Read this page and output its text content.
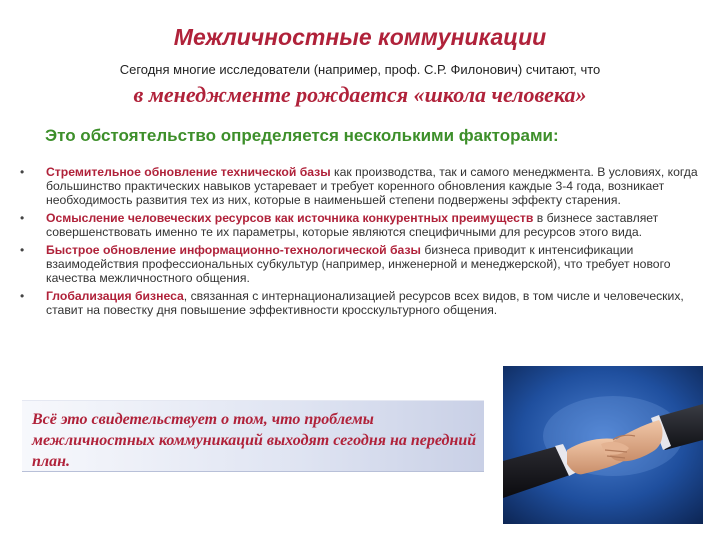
Межличностные коммуникации
Сегодня многие исследователи (например, проф. С.Р. Филонович) считают, что
в менеджменте рождается «школа человека»
Это обстоятельство определяется несколькими факторами:
• Стремительное обновление технической базы как производства, так и самого менеджмента. В условиях, когда большинство практических навыков устаревает и требует коренного обновления каждые 3-4 года, возникает необходимость развития тех из них, которые в наименьшей степени подвержены эффекту старения.
• Осмысление человеческих ресурсов как источника конкурентных преимуществ в бизнесе заставляет совершенствовать именно те их параметры, которые являются специфичными для ресурсов этого вида.
• Быстрое обновление информационно-технологической базы бизнеса приводит к интенсификации взаимодействия профессиональных субкультур (например, инженерной и менеджерской), что требует нового качества межличностного общения.
• Глобализация бизнеса, связанная с интернационализацией ресурсов всех видов, в том числе и человеческих, ставит на повестку дня повышение эффективности кросскультурного общения.
Всё это свидетельствует о том, что проблемы межличностных коммуникаций выходят сегодня на передний план.
